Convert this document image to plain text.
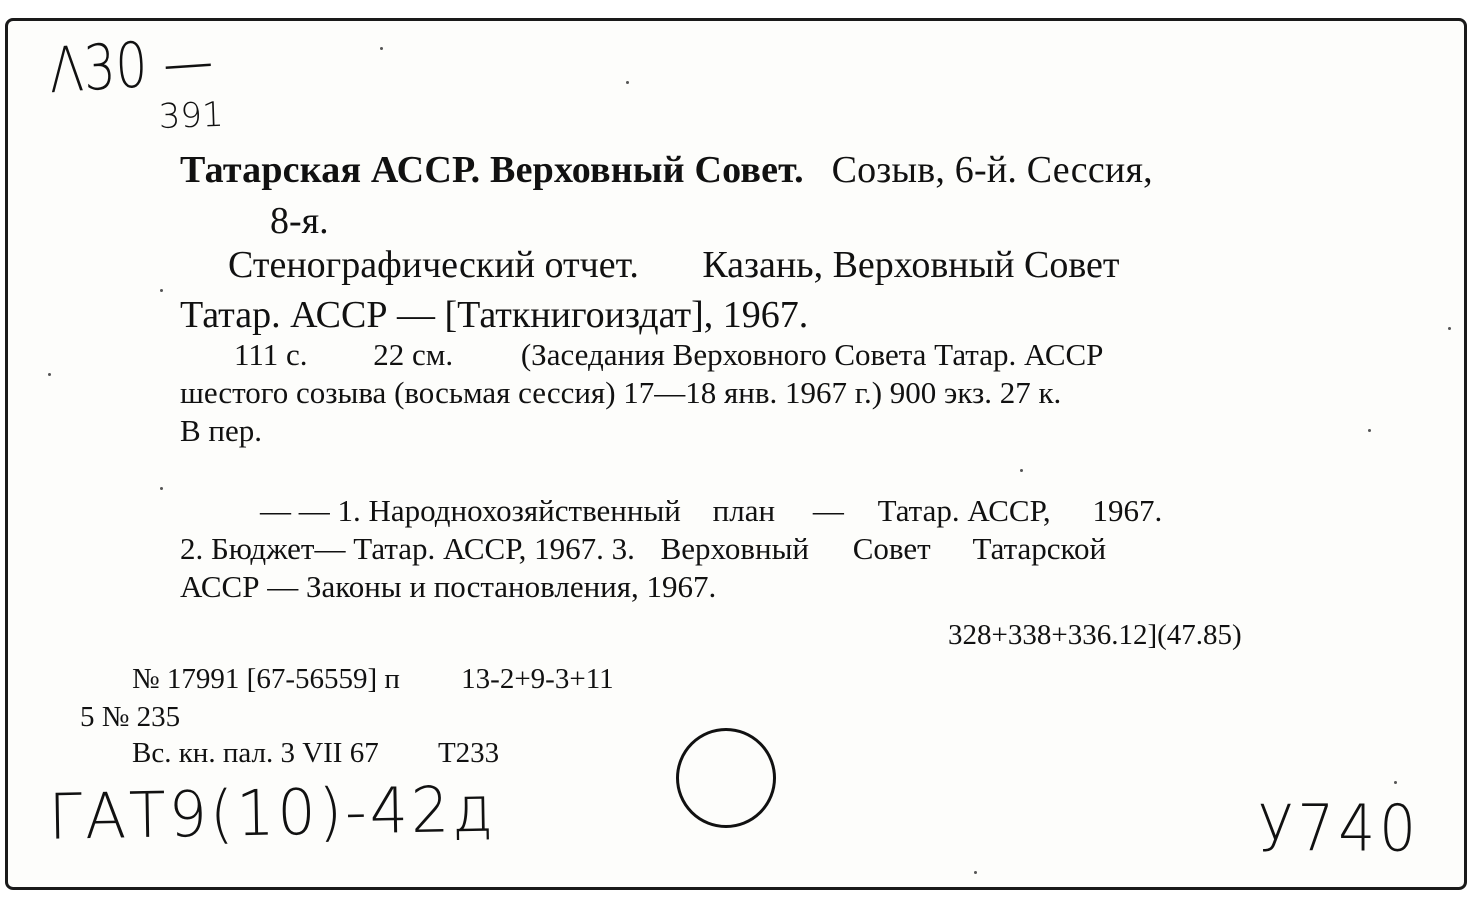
Λ30 —
391
Татарская АССР. Верховный Совет. Созыв, 6-й. Сессия,
8-я.
Стенографический отчет. Казань, Верховный Совет
Татар. АССР — [Таткнигоиздат], 1967.
111 с. 22 см. (Заседания Верховного Совета Татар. АССР
шестого созыва (восьмая сессия) 17—18 янв. 1967 г.) 900 экз. 27 к.
В пер.
— — 1. Народнохозяйственный план — Татар. АССР, 1967.
2. Бюджет— Татар. АССР, 1967. 3. Верховный Совет Татарской
АССР — Законы и постановления, 1967.
328+338+336.12](47.85)
№ 17991 [67-56559] п 13-2+9-3+11
5 № 235
Вс. кн. пал. 3 VII 67 Т233
ГАТ9(10)-42д	У740
